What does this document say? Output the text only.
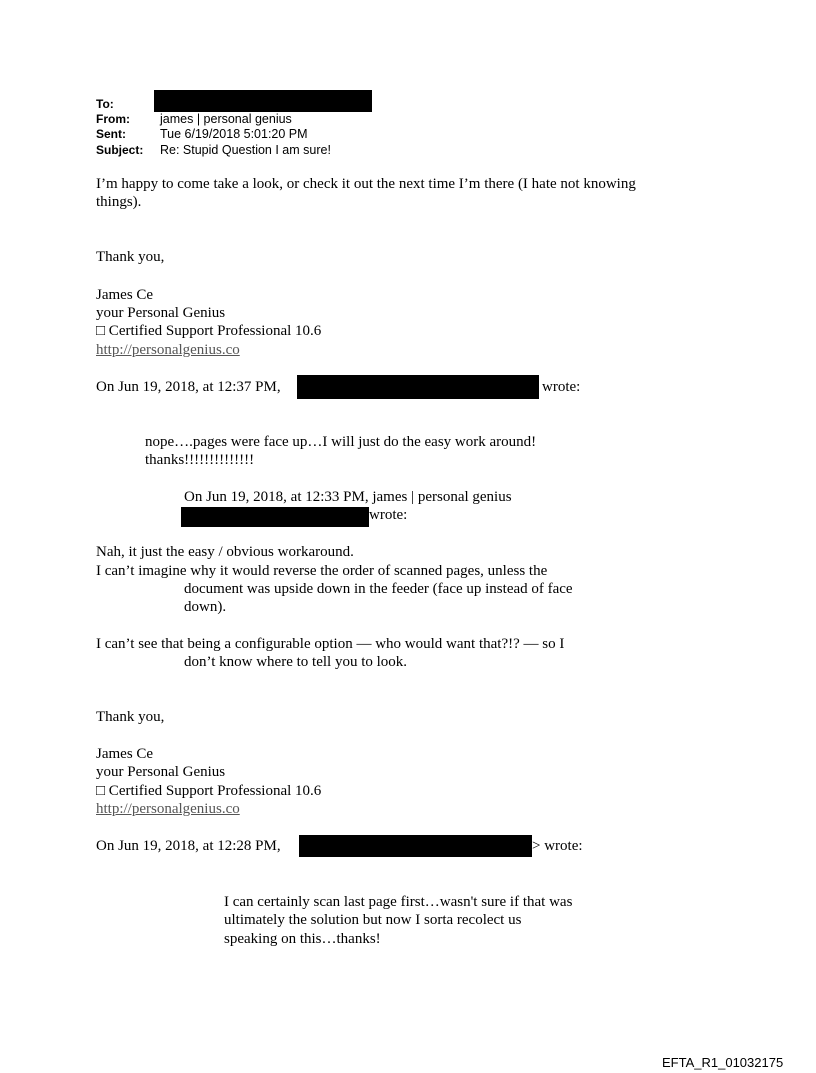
To:
From: james | personal genius
Sent:	Tue 6/19/2018 5:01:20 PM
Subject: Re: Stupid Question I am sure!
I’m happy to come take a look, or check it out the next time I’m there (I hate not knowing
things).
Thank you,
James Ce
your Personal Genius
□ Certified Support Professional 10.6
http://personalgenius.co
On Jun 19, 2018, at 12:37 PM,	wrote:
nope….pages were face up…I will just do the easy work around!
thanks!!!!!!!!!!!!!!
On Jun 19, 2018, at 12:33 PM, james | personal genius
wrote:
Nah, it just the easy / obvious workaround.
I can’t imagine why it would reverse the order of scanned pages, unless the
document was upside down in the feeder (face up instead of face
down).
I can’t see that being a configurable option — who would want that?!? — so I
don’t know where to tell you to look.
Thank you,
James Ce
your Personal Genius
□ Certified Support Professional 10.6
http://personalgenius.co
On Jun 19, 2018, at 12:28 PM,	> wrote:
I can certainly scan last page first…wasn't sure if that was
ultimately the solution but now I sorta recolect us
speaking on this…thanks!
EFTA_R1_01032175
